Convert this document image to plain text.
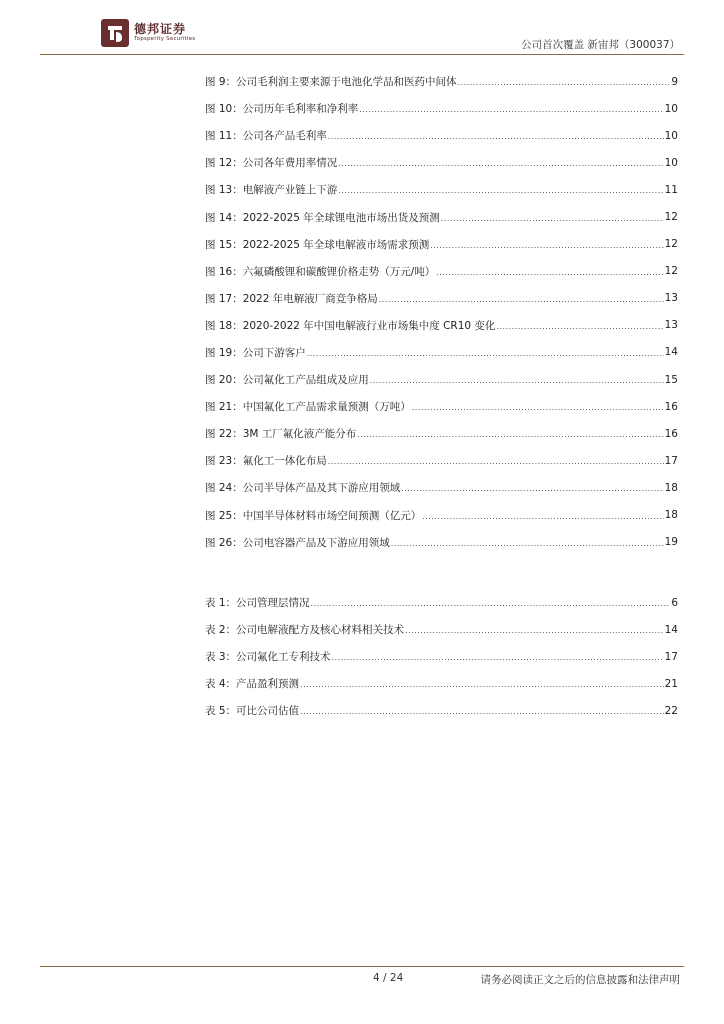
德邦证券
Topsperity Securities	公司首次覆盖 新宙邦（300037）
图 9：公司毛利润主要来源于电池化学品和医药中间体 .....	9
图 10：公司历年毛利率和净利率 .....	10
图 11：公司各产品毛利率 .....	10
图 12：公司各年费用率情况 .....	10
图 13：电解液产业链上下游 .....	11
图 14：2022-2025 年全球锂电池市场出货及预测 .....	12
图 15：2022-2025 年全球电解液市场需求预测 .....	12
图 16：六氟磷酸锂和碳酸锂价格走势（万元/吨） .....	12
图 17：2022 年电解液厂商竞争格局 .....	13
图 18：2020-2022 年中国电解液行业市场集中度 CR10 变化 .....	13
图 19：公司下游客户 .....	14
图 20：公司氟化工产品组成及应用 .....	15
图 21：中国氟化工产品需求量预测（万吨） .....	16
图 22：3M 工厂氟化液产能分布 .....	16
图 23：氟化工一体化布局 .....	17
图 24：公司半导体产品及其下游应用领域 .....	18
图 25：中国半导体材料市场空间预测（亿元） .....	18
图 26：公司电容器产品及下游应用领域 .....	19
表 1：公司管理层情况 .....	6
表 2：公司电解液配方及核心材料相关技术 .....	14
表 3：公司氟化工专利技术 .....	17
表 4：产品盈利预测 .....	21
表 5：可比公司估值 .....	22
4 / 24	请务必阅读正文之后的信息披露和法律声明
